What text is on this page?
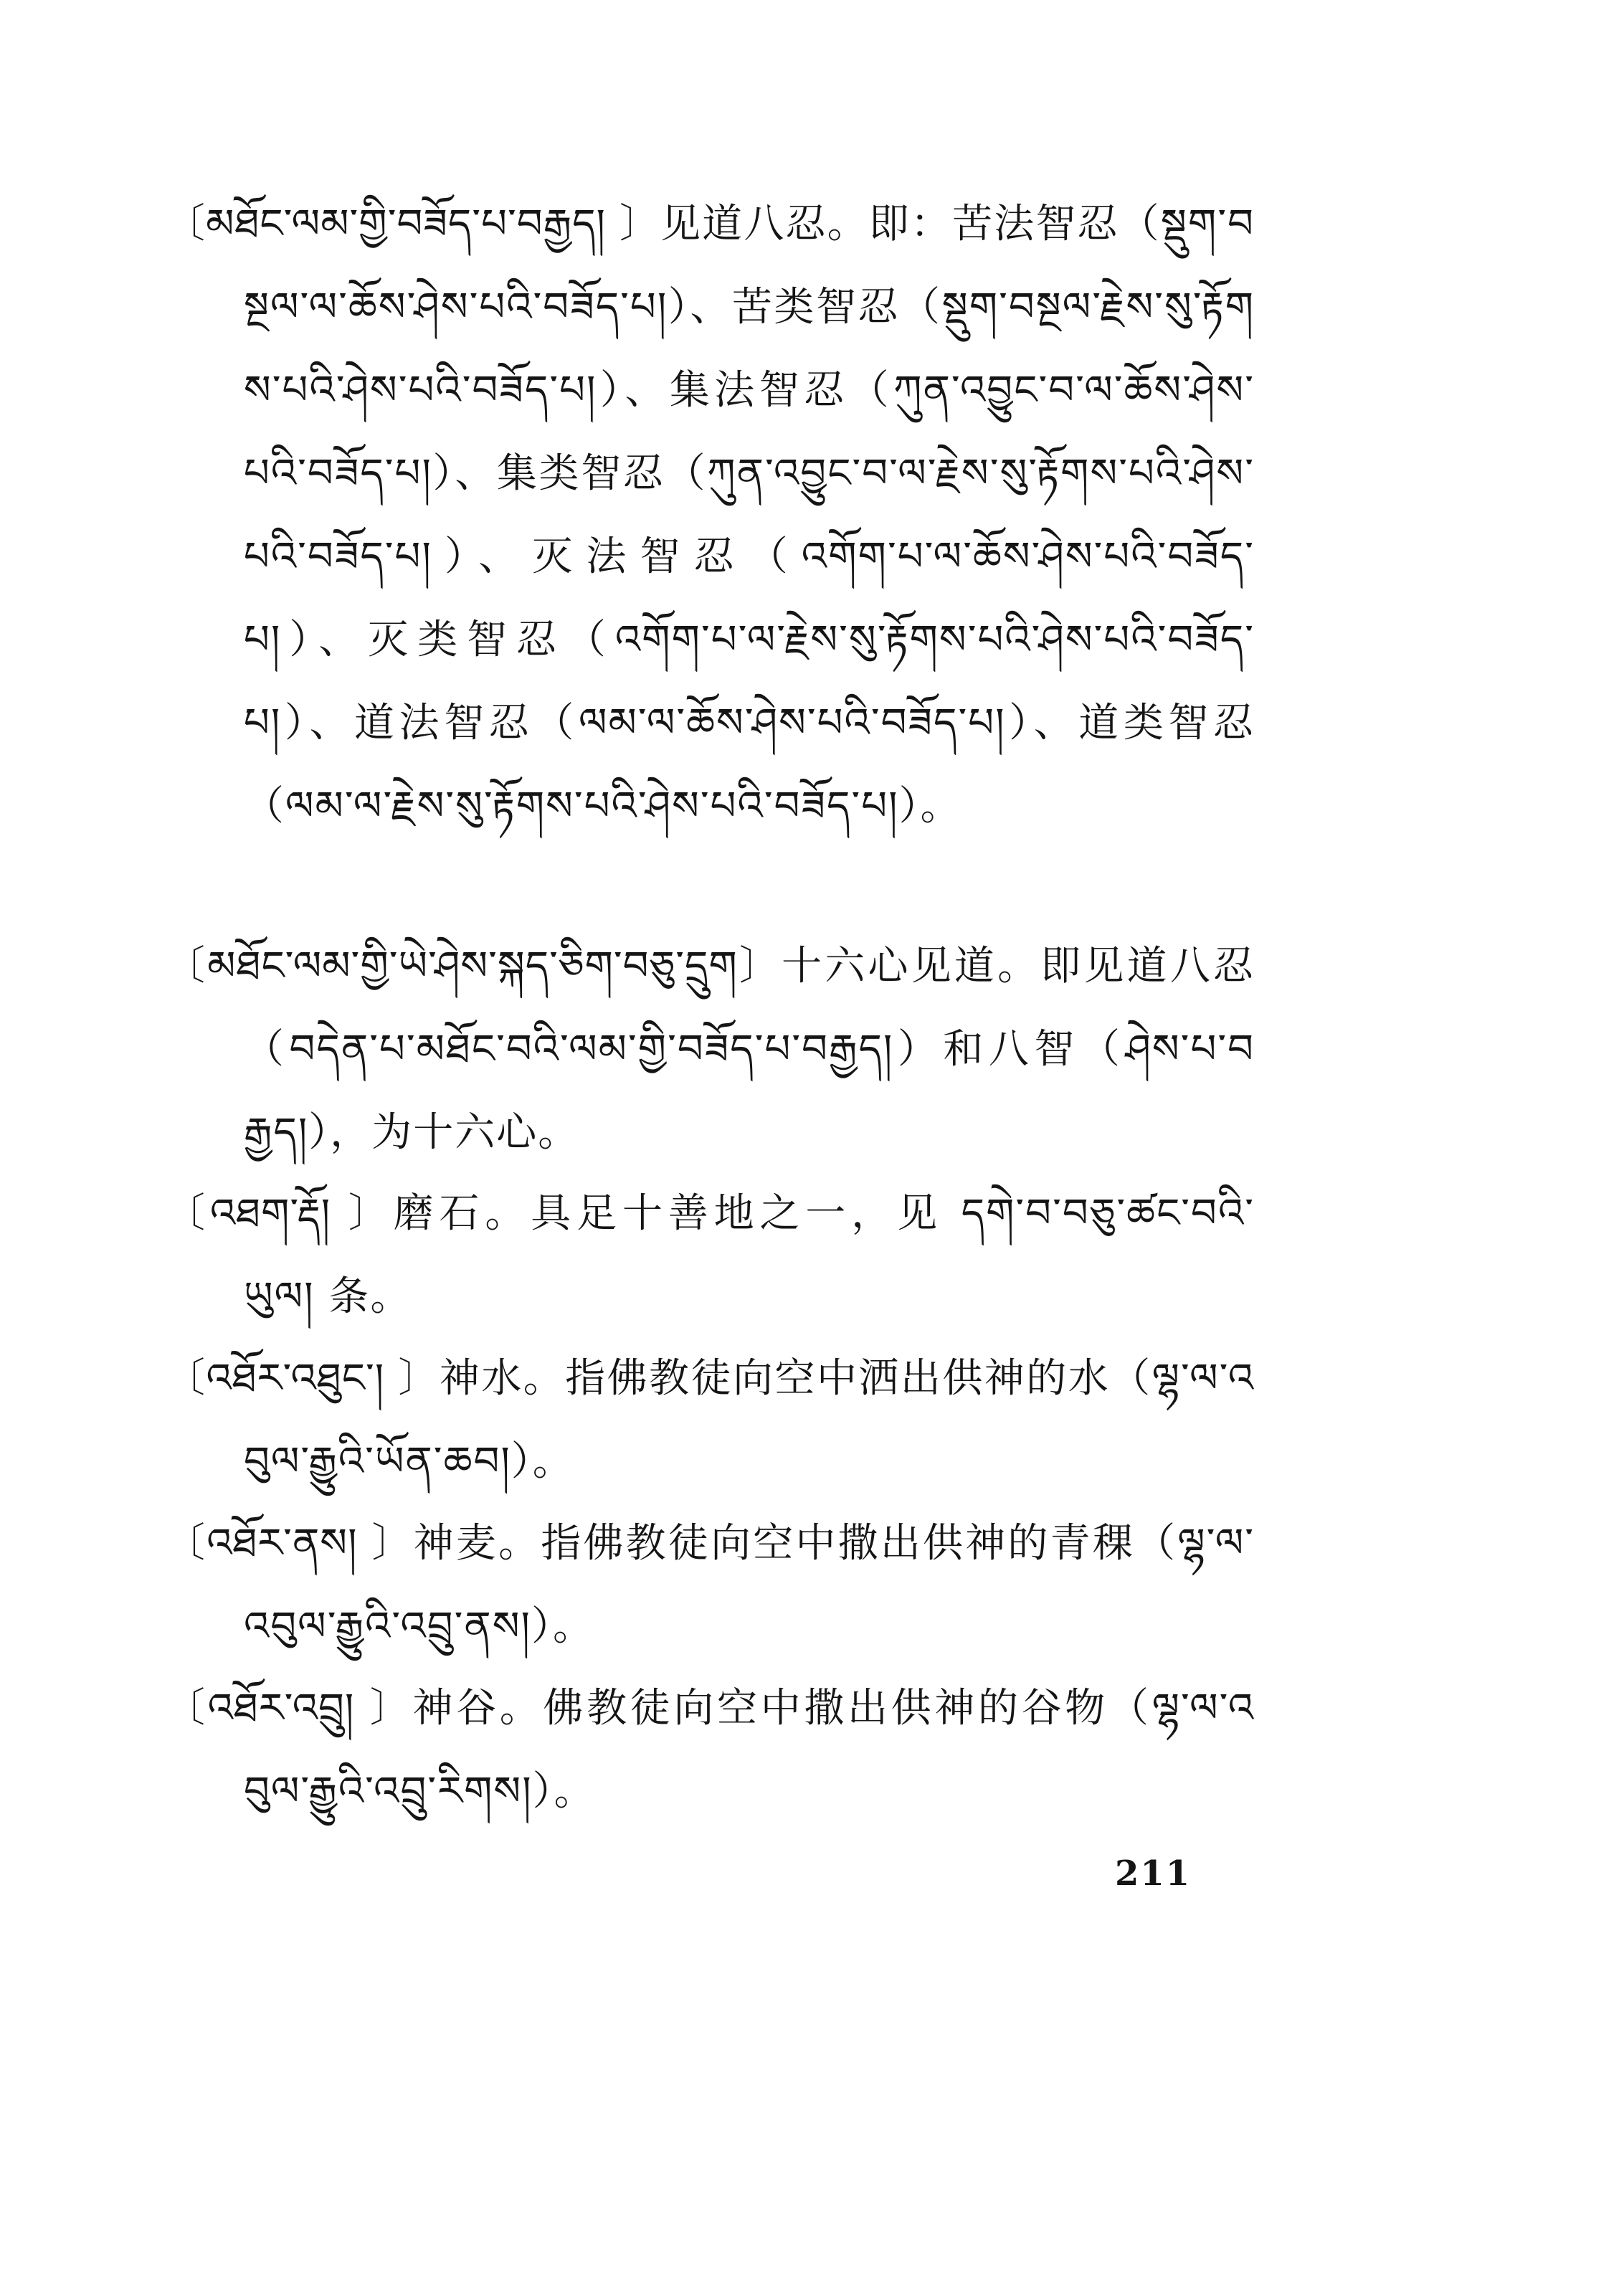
〔མཐོང་ལམ་གྱི་བཟོད་པ་བརྒྱད། 〕见道八忍。即：苦法智忍（སྡུག་བསྔལ་ལ་ཆོས་ཤེས་པའི་བཟོད་པ།）、苦类智忍（སྡུག་བསྔལ་རྗེས་སུ་རྟོགས་པའི་ཤེས་པའི་བཟོད་པ།）、集法智忍（ཀུན་འབྱུང་བ་ལ་ཆོས་ཤེས་པའི་བཟོད་པ།）、集类智忍（ཀུན་འབྱུང་བ་ལ་རྗེས་སུ་རྟོགས་པའི་ཤེས་པའི་བཟོད་པ།）、灭法智忍（འགོག་པ་ལ་ཆོས་ཤེས་པའི་བཟོད་པ།）、灭类智忍（འགོག་པ་ལ་རྗེས་སུ་རྟོགས་པའི་ཤེས་པའི་བཟོད་པ།）、道法智忍（ལམ་ལ་ཆོས་ཤེས་པའི་བཟོད་པ།）、道类智忍（ལམ་ལ་རྗེས་སུ་རྟོགས་པའི་ཤེས་པའི་བཟོད་པ།）。
〔མཐོང་ལམ་གྱི་ཡེ་ཤེས་སྐད་ཅིག་བཅུ་དྲུག〕十六心见道。即见道八忍（བདེན་པ་མཐོང་བའི་ལམ་གྱི་བཟོད་པ་བརྒྱད།）和八智（ཤེས་པ་བརྒྱད།），为十六心。
〔འཐག་རྡོ། 〕磨石。具足十善地之一，见 དགེ་བ་བཅུ་ཚང་བའི་ཡུལ། 条。
〔འཐོར་འཐུང་། 〕神水。指佛教徒向空中洒出供神的水（ལྷ་ལ་འབུལ་རྒྱུའི་ཡོན་ཆབ།）。
〔འཐོར་ནས། 〕神麦。指佛教徒向空中撒出供神的青稞（ལྷ་ལ་འབུལ་རྒྱུའི་འབྲུ་ནས།）。
〔འཐོར་འབྲུ། 〕神谷。佛教徒向空中撒出供神的谷物（ལྷ་ལ་འབུལ་རྒྱུའི་འབྲུ་རིགས།）。
211
